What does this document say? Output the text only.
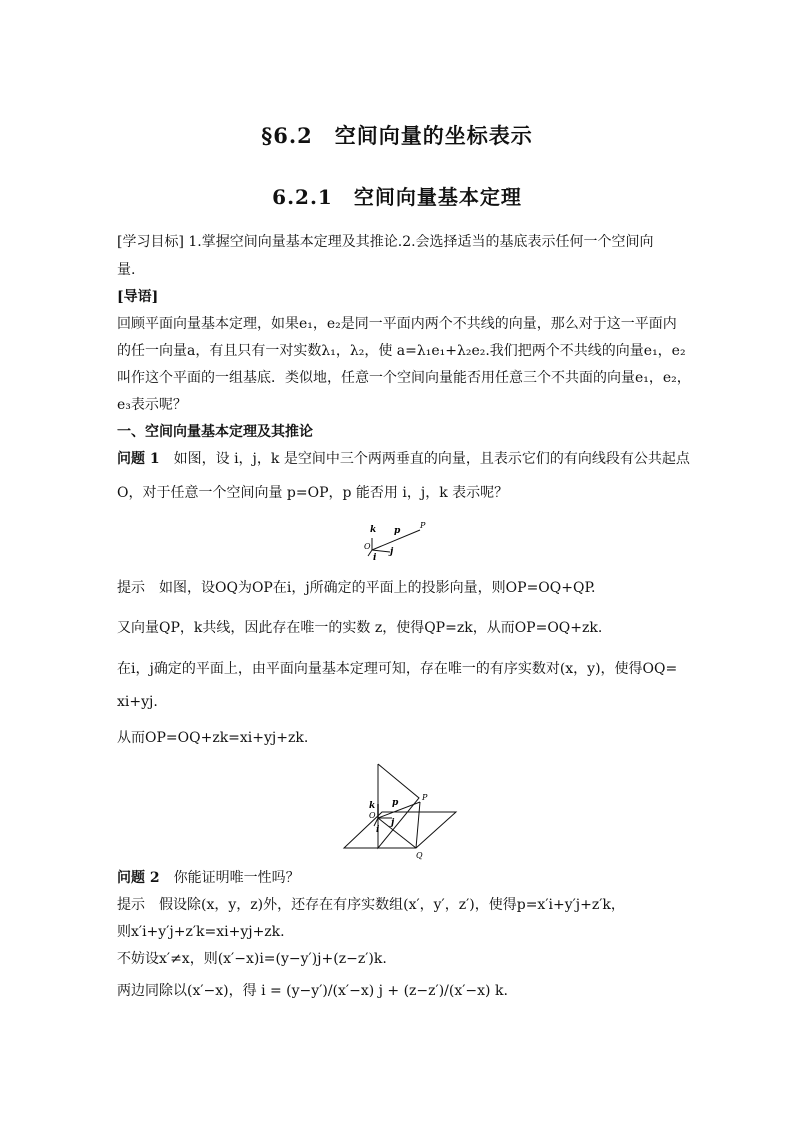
§6.2　空间向量的坐标表示
6.2.1　空间向量基本定理
[学习目标] 1.掌握空间向量基本定理及其推论.2.会选择适当的基底表示任何一个空间向
量.
[导语]
回顾平面向量基本定理，如果e₁，e₂是同一平面内两个不共线的向量，那么对于这一平面内
的任一向量a，有且只有一对实数λ₁，λ₂，使 a=λ₁e₁+λ₂e₂.我们把两个不共线的向量e₁，e₂
叫作这个平面的一组基底．类似地，任意一个空间向量能否用任意三个不共面的向量e₁，e₂，
e₃表示呢？
一、空间向量基本定理及其推论
问题 1　 如图，设 i，j，k 是空间中三个两两垂直的向量，且表示它们的有向线段有公共起点
O，对于任意一个空间向量 p=OP，p 能否用 i，j，k 表示呢？
k p
P
O
i
j
提示　如图，设OQ为OP在i，j所确定的平面上的投影向量，则OP=OQ+QP.
又向量QP，k共线，因此存在唯一的实数 z，使得QP=zk，从而OP=OQ+zk.
在i，j确定的平面上，由平面向量基本定理可知，存在唯一的有序实数对(x，y)，使得OQ=
xi+yj.
从而OP=OQ+zk=xi+yj+zk.
k p
P
O
i
j
Q
问题 2　 你能证明唯一性吗？
提示　假设除(x，y，z)外，还存在有序实数组(x′，y′，z′)，使得p=x′i+y′j+z′k，
则x′i+y′j+z′k=xi+yj+zk.
不妨设x′≠x，则(x′−x)i=(y−y′)j+(z−z′)k.
两边同除以(x′−x)，得 i = (y−y′)/(x′−x) j + (z−z′)/(x′−x) k.
